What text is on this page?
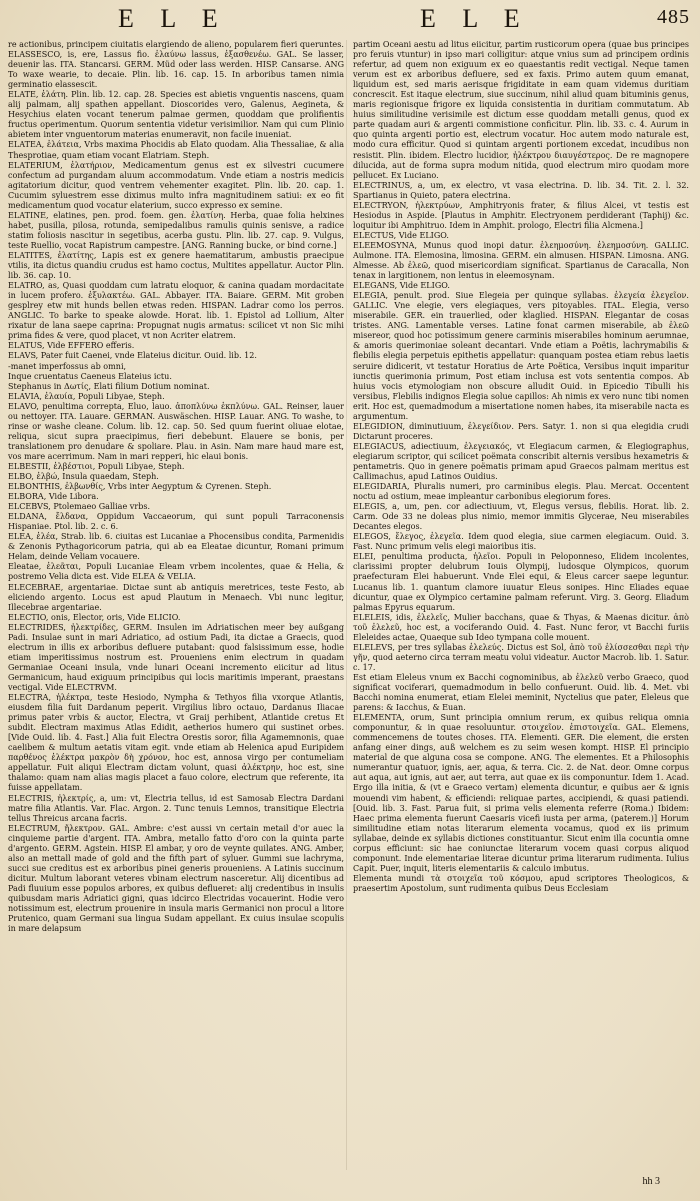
E L E	E L E	485

re actionibus, principem ciuitatis elargiendo de alieno, popularem fieri queruntes.

ELASSESCO, is, ere, Lassus fio. ἐλαύνω lassus, ἐξασθενέω. GAL. Se lasser, deuenir las. ITA. Stancarsi. GERM. Müd oder lass werden. HISP. Cansarse. ANG To waxe wearie, to decaie. Plin. lib. 16. cap. 15. In arboribus tamen nimia germinatio elassescit.

ELATE, ἐλάτη. Plin. lib. 12. cap. 28. Species est abietis vnguentis nascens, quam alij palmam, alij spathen appellant. Dioscorides vero, Galenus, Aegineta, & Hesychius elaten vocant tenerum palmae germen, quoddam que prolifientis fructus operimentum. Quorum sententia videtur verisimilior. Nam qui cum Plinio abietem inter vnguentorum materias enumeravit, non facile inueniat.

ELATEA, ἐλάτεια, Vrbs maxima Phocidis ab Elato quodam. Alia Thessaliae, & alia Thesprotiae, quam etiam vocant Elatriam. Steph.

ELATERIUM, ἐλατήριον, Medicamentum genus est ex silvestri cucumere confectum ad purgandam aluum accommodatum. Vnde etiam a nostris medicis agitatorium dicitur, quod ventrem vehementer exagitet. Plin. lib. 20. cap. 1. Cucumim syluestrem esse diximus multo infra magnitudinem satiui: ex eo fit medicamentum quod vocatur elaterium, succo expresso ex semine.

ELATINE, elatines, pen. prod. foem. gen. ἐλατίνη. Herba, quae folia helxines habet, pusilla, pilosa, rotunda, semipedalibus ramulis quinis senisve, a radice statim foliosis nascitur in segetibus, acerba gustu. Plin. lib. 27. cap. 9. Vulgus, teste Ruellio, vocat Rapistrum campestre. [ANG. Ranning bucke, or bind corne.]

ELATITES, ἐλατίτης, Lapis est ex genere haematitarum, ambustis praecipue vtilis, ita dictus quandiu crudus est hamo coctus, Multites appellatur. Auctor Plin. lib. 36. cap. 10.

ELATRO, as, Quasi quoddam cum latratu eloquor, & canina quadam mordacitate in lucem profero. ἐξυλακτέω. GAL. Abbayer. ITA. Baiare. GERM. Mit groben gesplrey etw mit hunds bellen etwas reden. HISPAN. Ladrar como los perros. ANGLIC. To barke to speake alowde. Horat. lib. 1. Epistol ad Lollium, Alter rixatur de lana saepe caprina: Propugnat nugis armatus: scilicet vt non Sic mihi prima fides & vere, quod placet, vt non Acriter elatrem.

ELATUS, Vide EFFERO efferis.

ELAVS, Pater fuit Caenei, vnde Elateius dicitur. Ouid. lib. 12.

-manet imperfossus ab omni,

Inque cruentatus Caeneus Elateius ictu.

Stephanus in Δωτίς, Elati filium Dotium nominat.

ELAVIA, ἐλαυία, Populi Libyae, Steph.

ELAVO, penultima correpta, Eluo, lauo. ἀποπλύνω ἐκπλύνω. GAL. Reinser, lauer ou nettoyer. ITA. Lauare. GERMAN. Auswäschen. HISP. Lauar. ANG. To washe, to rinse or washe cleane. Colum. lib. 12. cap. 50. Sed quum fuerint oliuae elotae, reliqua, sicut supra praecipimus, fieri debebunt. Elauere se bonis, per translationem pro denudare & spoliare. Plau. in Asin. Nam mare haud mare est, vos mare acerrimum. Nam in mari repperi, hic elaui bonis.

ELBESTII, ἐλβέστιοι, Populi Libyae, Steph.

ELBO, ἐλβώ, Insula quaedam, Steph.

ELBONTHIS, ἐλβωνθίς, Vrbs inter Aegyptum & Cyrenen. Steph.

ELBORA, Vide Libora.

ELCEBVS, Ptolemaeo Galliae vrbs.

ELDANA, ἔλδανα, Oppidum Vaccaeorum, qui sunt populi Tarraconensis Hispaniae. Ptol. lib. 2. c. 6.

ELEA, ἐλέα, Strab. lib. 6. ciuitas est Lucaniae a Phocensibus condita, Parmenidis & Zenonis Pythagoricorum patria, qui ab ea Eleatae dicuntur, Romani primum Helam, deinde Veliam vocauere.

Eleatae, ἐλεᾶται, Populi Lucaniae Eleam vrbem incolentes, quae & Helia, & postremo Velia dicta est. Vide ELEA & VELIA.

ELECEBRAE, argentariae. Dictae sunt ab antiquis meretrices, teste Festo, ab eliciendo argento. Locus est apud Plautum in Menaech. Vbi nunc legitur, Illecebrae argentariae.

ELECTIO, onis, Elector, oris, Vide ELICIO.

ELECTRIDES, ἠλεκτρίδες, GERM. Insulen im Adriatischen meer bey außgang Padi. Insulae sunt in mari Adriatico, ad ostium Padi, ita dictae a Graecis, quod electrum in illis ex arboribus defluere putabant: quod falsissimum esse, hodie etiam imperitissimus nostrum est. Proueniens enim electrum in quadam Germaniae Oceani insula, vnde lunari Oceani incremento eiicitur ad litus Germanicum, haud exiguum principibus qui locis maritimis imperant, praestans vectigal. Vide ELECTRVM.

ELECTRA, ἠλέκτρα, teste Hesiodo, Nympha & Tethyos filia vxorque Atlantis, eiusdem filia fuit Dardanum peperit. Virgilius libro octauo, Dardanus Iliacae primus pater vrbis & auctor, Electra, vt Graij perhibent, Atlantide cretus Et subdit. Electram maximus Atlas Edidit, aetherios humero qui sustinet orbes. [Vide Ouid. lib. 4. Fast.] Alia fuit Electra Orestis soror, filia Agamemnonis, quae caelibem & multum aetatis vitam egit. vnde etiam ab Helenica apud Euripidem παρθένος ἐλέκτρα μακρὸν δὴ χρόνον, hoc est, annosa virgo per contumeliam appellatur. Fuit aliqui Electram dictam volunt, quasi ἀλέκτρην, hoc est, sine thalamo: quam nam alias magis placet a fauo colore, electrum que referente, ita fuisse appellatam.

ELECTRIS, ἠλεκτρίς, a, um: vt, Electria tellus, id est Samosab Electra Dardani matre filia Atlantis. Var. Flac. Argon. 2. Tunc tenuis Lemnos, transitique Electria tellus Threicus arcana facris.

ELECTRUM, ἤλεκτρον. GAL. Ambre: c'est aussi vn certain metail d'or auec la cinquieme partie d'argent. ITA. Ambra, metallo fatto d'oro con la quinta parte d'argento. GERM. Agstein. HISP. El ambar, y oro de veynte quilates. ANG. Amber, also an mettall made of gold and the fifth part of syluer. Gummi sue lachryma, succi sue creditus est ex arboribus pinei generis proueniens. A Latinis succinum dicitur. Multum laborant veteres vbinam electrum nasceretur. Alij dicentibus ad Padi fluuium esse populos arbores, ex quibus deflueret: alij credentibus in insulis quibusdam maris Adriatici gigni, quas idcirco Electridas vocauerint. Hodie vero notissimum est, electrum prouenire in insula maris Germanici non procul a litore Prutenico, quam Germani sua lingua Sudam appellant. Ex cuius insulae scopulis in mare delapsum

partim Oceani aestu ad litus eiicitur, partim rusticorum opera (quae bus principes pro feruis vtuntur) in ipso mari colligitur: atque vnius sum ad principem ordinis refertur, ad quem non exiguum ex eo quaestantis redit vectigal. Neque tamen verum est ex arboribus defluere, sed ex faxis. Primo autem quum emanat, liquidum est, sed maris aerisque frigiditate in eam quam videmus duritiam concrescit. Est itaque electrum, siue succinum, nihil aliud quam bituminis genus, maris regionisque frigore ex liquida consistentia in duritiam commutatum. Ab huius similitudine verisimile est dictum esse quoddam metalli genus, quod ex parte quadam auri & argenti commistione conficitur. Plin. lib. 33. c. 4. Aurum in quo quinta argenti portio est, electrum vocatur. Hoc autem modo naturale est, modo cura efficitur. Quod si quintam argenti portionem excedat, incudibus non resistit. Plin. ibidem. Electro lucidior, ἠλέκτρου διαυγέστερος. De re magnopere dilucida, aut de forma supra modum nitida, quod electrum miro quodam more pellucet. Ex Luciano.

ELECTRINUS, a, um, ex electro, vt vasa electrina. D. lib. 34. Tit. 2. l. 32. Spartianus in Quieto, patera electrina.

ELECTRYON, ἠλεκτρύων, Amphitryonis frater, & filius Alcei, vt testis est Hesiodus in Aspide. [Plautus in Amphitr. Electryonem perdiderant (Taphij) &c. loquitur ibi Amphitruo. Idem in Amphit. prologo, Electri filia Alcmena.]

ELECTUS, Vide ELIGO.

ELEEMOSYNA, Munus quod inopi datur. ἐλεημοσύνη. ἐλεημοσύνη. GALLIC. Aulmone. ITA. Elemosina, limosina. GERM. ein almusen. HISPAN. Limosna. ANG. Almesse. Ab ἐλεῶ, quod misericordiam significat. Spartianus de Caracalla, Non tenax in largitionem, non lentus in eleemosynam.

ELEGANS, Vide ELIGO.

ELEGIA, penult. prod. Siue Elegeia per quinque syllabas. ἐλεγεία ἐλεγεῖον. GALLIC. Vne elegie, vers elegiaques, vers pitoyables. ITAL. Elegia, verso miserabile. GER. ein trauerlied, oder klaglied. HISPAN. Elegantar de cosas tristes. ANG. Lamentable verses. Latine fonat carmen miserabile, ab ἐλεῶ misereor, quod hoc potissimum genere carminis miserabiles hominum aerumnae, & amoris querimoniae soleant decantari. Vnde etiam a Poëtis, lachrymabilis & flebilis elegia perpetuis epithetis appellatur: quanquam postea etiam rebus laetis seruire didicerit, vt testatur Horatius de Arte Poëtica, Versibus inquit imparitur iunctis querimonia primum, Post etiam inclusa est vots sententia compos. Ab huius vocis etymologiam non obscure alludit Ouid. in Epicedio Tibulli his versibus, Flebilis indignos Elegia solue capillos: Ah nimis ex vero nunc tibi nomen erit. Hoc est, quemadmodum a misertatione nomen habes, ita miserabile nacta es argumentum.

ELEGIDION, diminutiuum, ἐλεγείδιον. Pers. Satyr. 1. non si qua elegidia crudi Dictarunt proceres.

ELEGIACUS, adiectiuum, ἐλεγειακός, vt Elegiacum carmen, & Elegiographus, elegiarum scriptor, qui scilicet poëmata conscribit alternis versibus hexametris & pentametris. Quo in genere poëmatis primam apud Graecos palmam meritus est Callimachus, apud Latinos Ouidius.

ELEGIDARIA, Pluralis numeri, pro carminibus elegis. Plau. Mercat. Occentent noctu ad ostium, meae impleantur carbonibus elegiorum fores.

ELEGIS, a, um, pen. cor adiectiuum, vt, Elegus versus, flebilis. Horat. lib. 2. Carm. Ode 33 ne doleas plus nimio, memor immitis Glycerae, Neu miserabiles Decantes elegos.

ELEGOS, ἔλεγος, ἐλεγεῖα. Idem quod elegia, siue carmen elegiacum. Ouid. 3. Fast. Nunc primum velis elegi maioribus itis.

ELEI, penultima producta, ἠλεῖοι. Populi in Peloponneso, Elidem incolentes, clarissimi propter delubrum Iouis Olympij, ludosque Olympicos, quorum praefecturam Elei habuerunt. Vnde Elei equi, & Eleus carcer saepe leguntur. Lucanus lib. 1. quantum clamore iuuatur Eleus sonipes. Hinc Eliades equae dicuntur, quae ex Olympico certamine palmam referunt. Virg. 3. Georg. Eliadum palmas Epyrus equarum.

ELELEIS, idis, ἐλελεῖς, Mulier bacchans, quae & Thyas, & Maenas dicitur. ἀπὸ τοῦ ἐλελεῦ, hoc est, a vociferando Ouid. 4. Fast. Nunc feror, vt Bacchi furiis Eleleides actae, Quaeque sub Ideo tympana colle mouent.

ELELEVS, per tres syllabas ἐλελεύς. Dictus est Sol, ἀπὸ τοῦ ἐλίσσεσθαι περὶ τὴν γῆν, quod aeterno circa terram meatu volui videatur. Auctor Macrob. lib. 1. Satur. c. 17.

Est etiam Eleleus vnum ex Bacchi cognominibus, ab ἐλελεῦ verbo Graeco, quod significat vociferari, quemadmodum in bello confuerunt. Ouid. lib. 4. Met. vbi Bacchi nomina enumerat, etiam Elelei meminit, Nyctelius que pater, Eleleus que parens: & Iacchus, & Euan.

ELEMENTA, orum, Sunt principia omnium rerum, ex quibus reliqua omnia componuntur, & in quae resoluuntur. στοιχεῖον. ἐπιστοιχεῖα. GAL. Elemens, commencemens de toutes choses. ITA. Elementi. GER. Die element, die ersten anfang einer dings, auß welchem es zu seim wesen kompt. HISP. El principio material de que alguna cosa se compone. ANG. The elementes. Et a Philosophis numerantur quatuor, ignis, aer, aqua, & terra. Cic. 2. de Nat. deor. Omne corpus aut aqua, aut ignis, aut aer, aut terra, aut quae ex iis componuntur. Idem 1. Acad. Ergo illa initia, & (vt e Graeco vertam) elementa dicuntur, e quibus aer & ignis mouendi vim habent, & efficiendi: reliquae partes, accipiendi, & quasi patiendi. [Ouid. lib. 3. Fast. Parua fuit, si prima velis elementa referre (Roma.) Ibidem: Haec prima elementa fuerunt Caesaris vicefi iusta per arma, (paterem.)] Horum similitudine etiam notas literarum elementa vocamus, quod ex iis primum syllabae, deinde ex syllabis dictiones constituantur. Sicut enim illa cocuntia omne corpus efficiunt: sic hae coniunctae literarum vocem quasi corpus aliquod componunt. Inde elementariae literae dicuntur prima literarum rudimenta. Iulius Capit. Puer, inquit, literis elementariis & calculo imbutus.

Elementa mundi τὰ στοιχεῖα τοῦ κόσμου, apud scriptores Theologicos, & praesertim Apostolum, sunt rudimenta quibus Deus Ecclesiam

hh 3
